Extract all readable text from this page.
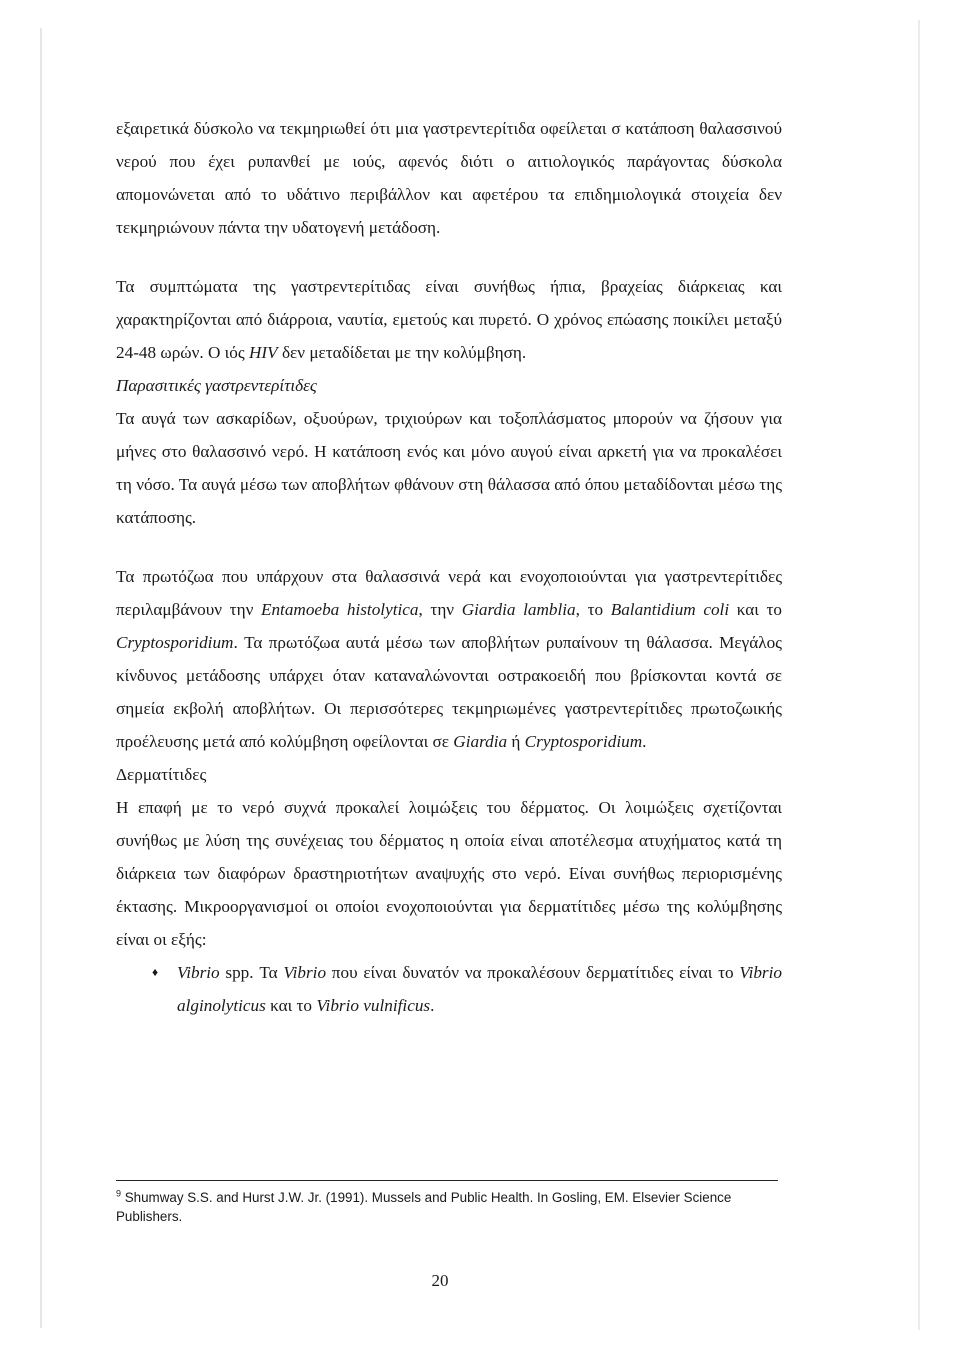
εξαιρετικά δύσκολο να τεκμηριωθεί ότι μια γαστρεντερίτιδα οφείλεται σ κατάποση θαλασσινού νερού που έχει ρυπανθεί με ιούς, αφενός διότι ο αιτιολογικός παράγοντας δύσκολα απομονώνεται από το υδάτινο περιβάλλον και αφετέρου τα επιδημιολογικά στοιχεία δεν τεκμηριώνουν πάντα την υδατογενή μετάδοση.

Τα συμπτώματα της γαστρεντερίτιδας είναι συνήθως ήπια, βραχείας διάρκειας και χαρακτηρίζονται από διάρροια, ναυτία, εμετούς και πυρετό. Ο χρόνος επώασης ποικίλει μεταξύ 24-48 ωρών. Ο ιός HIV δεν μεταδίδεται με την κολύμβηση.

Παρασιτικές γαστρεντερίτιδες

Τα αυγά των ασκαρίδων, οξυούρων, τριχιούρων και τοξοπλάσματος μπορούν να ζήσουν για μήνες στο θαλασσινό νερό. Η κατάποση ενός και μόνο αυγού είναι αρκετή για να προκαλέσει τη νόσο. Τα αυγά μέσω των αποβλήτων φθάνουν στη θάλασσα από όπου μεταδίδονται μέσω της κατάποσης.

Τα πρωτόζωα που υπάρχουν στα θαλασσινά νερά και ενοχοποιούνται για γαστρεντερίτιδες περιλαμβάνουν την Entamoeba histolytica, την Giardia lamblia, το Balantidium coli και το Cryptosporidium. Τα πρωτόζωα αυτά μέσω των αποβλήτων ρυπαίνουν τη θάλασσα. Μεγάλος κίνδυνος μετάδοσης υπάρχει όταν καταναλώνονται οστρακοειδή που βρίσκονται κοντά σε σημεία εκβολή αποβλήτων. Οι περισσότερες τεκμηριωμένες γαστρεντερίτιδες πρωτοζωικής προέλευσης μετά από κολύμβηση οφείλονται σε Giardia ή Cryptosporidium.

Δερματίτιδες

Η επαφή με το νερό συχνά προκαλεί λοιμώξεις του δέρματος. Οι λοιμώξεις σχετίζονται συνήθως με λύση της συνέχειας του δέρματος η οποία είναι αποτέλεσμα ατυχήματος κατά τη διάρκεια των διαφόρων δραστηριοτήτων αναψυχής στο νερό. Είναι συνήθως περιορισμένης έκτασης. Μικροοργανισμοί οι οποίοι ενοχοποιούνται για δερματίτιδες μέσω της κολύμβησης είναι οι εξής:

♦ Vibrio spp. Τα Vibrio που είναι δυνατόν να προκαλέσουν δερματίτιδες είναι το Vibrio alginolyticus και το Vibrio vulnificus.

$^9$ Shumway S.S. and Hurst J.W. Jr. (1991). Mussels and Public Health. In Gosling, EM. Elsevier Science Publishers.

20
